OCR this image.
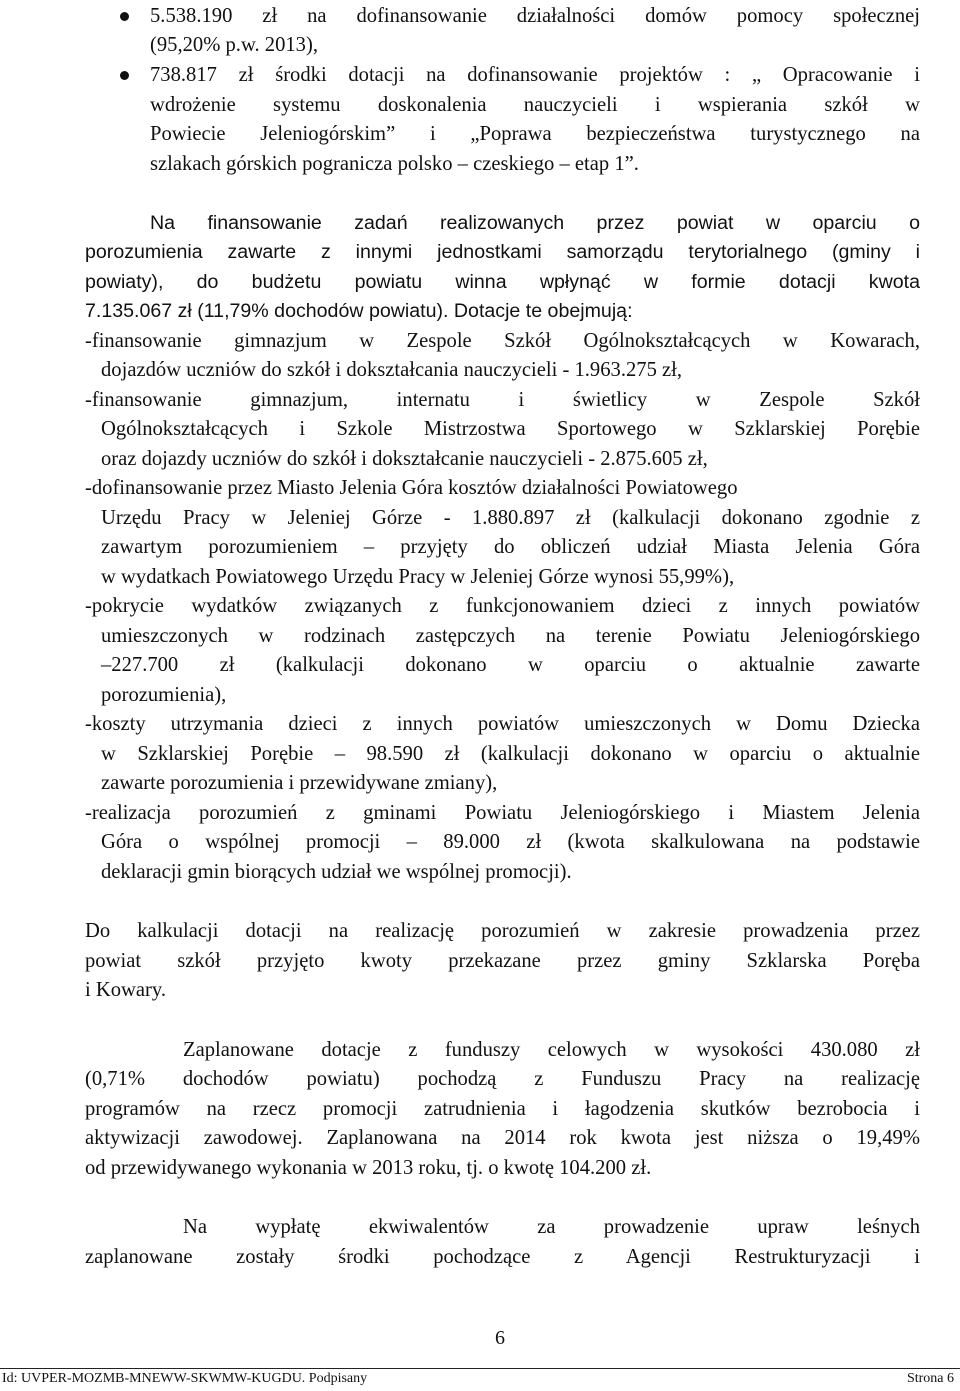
5.538.190 zł na dofinansowanie działalności domów pomocy społecznej
(95,20% p.w. 2013),
738.817 zł środki dotacji na dofinansowanie projektów : „ Opracowanie i
wdrożenie systemu doskonalenia nauczycieli i wspierania szkół w
Powiecie Jeleniogórskim” i „Poprawa bezpieczeństwa turystycznego na
szlakach górskich pogranicza polsko – czeskiego – etap 1”.
Na finansowanie zadań realizowanych przez powiat w oparciu o
porozumienia zawarte z innymi jednostkami samorządu terytorialnego (gminy i
powiaty), do budżetu powiatu winna wpłynąć w formie dotacji kwota
7.135.067 zł (11,79% dochodów powiatu). Dotacje te obejmują:
-finansowanie gimnazjum w Zespole Szkół Ogólnokształcących w Kowarach,
dojazdów uczniów do szkół i dokształcania nauczycieli - 1.963.275 zł,
-finansowanie gimnazjum, internatu i świetlicy w Zespole Szkół
Ogólnokształcących i Szkole Mistrzostwa Sportowego w Szklarskiej Porębie
oraz dojazdy uczniów do szkół i dokształcanie nauczycieli - 2.875.605 zł,
-dofinansowanie przez Miasto Jelenia Góra kosztów działalności Powiatowego
Urzędu Pracy w Jeleniej Górze - 1.880.897 zł (kalkulacji dokonano zgodnie z
zawartym porozumieniem – przyjęty do obliczeń udział Miasta Jelenia Góra
w wydatkach Powiatowego Urzędu Pracy w Jeleniej Górze wynosi 55,99%),
-pokrycie wydatków związanych z funkcjonowaniem dzieci z innych powiatów
umieszczonych w rodzinach zastępczych na terenie Powiatu Jeleniogórskiego
–227.700 zł (kalkulacji dokonano w oparciu o aktualnie zawarte
porozumienia),
-koszty utrzymania dzieci z innych powiatów umieszczonych w Domu Dziecka
w Szklarskiej Porębie – 98.590 zł (kalkulacji dokonano w oparciu o aktualnie
zawarte porozumienia i przewidywane zmiany),
-realizacja porozumień z gminami Powiatu Jeleniogórskiego i Miastem Jelenia
Góra o wspólnej promocji – 89.000 zł (kwota skalkulowana na podstawie
deklaracji gmin biorących udział we wspólnej promocji).
Do kalkulacji dotacji na realizację porozumień w zakresie prowadzenia przez
powiat szkół przyjęto kwoty przekazane przez gminy Szklarska Poręba
i Kowary.
Zaplanowane dotacje z funduszy celowych w wysokości 430.080 zł
(0,71% dochodów powiatu) pochodzą z Funduszu Pracy na realizację
programów na rzecz promocji zatrudnienia i łagodzenia skutków bezrobocia i
aktywizacji zawodowej. Zaplanowana na 2014 rok kwota jest niższa o 19,49%
od przewidywanego wykonania w 2013 roku, tj. o kwotę 104.200 zł.
Na wypłatę ekwiwalentów za prowadzenie upraw leśnych
zaplanowane zostały środki pochodzące z Agencji Restrukturyzacji i
6
Id: UVPER-MOZMB-MNEWW-SKWMW-KUGDU. Podpisany	Strona 6
